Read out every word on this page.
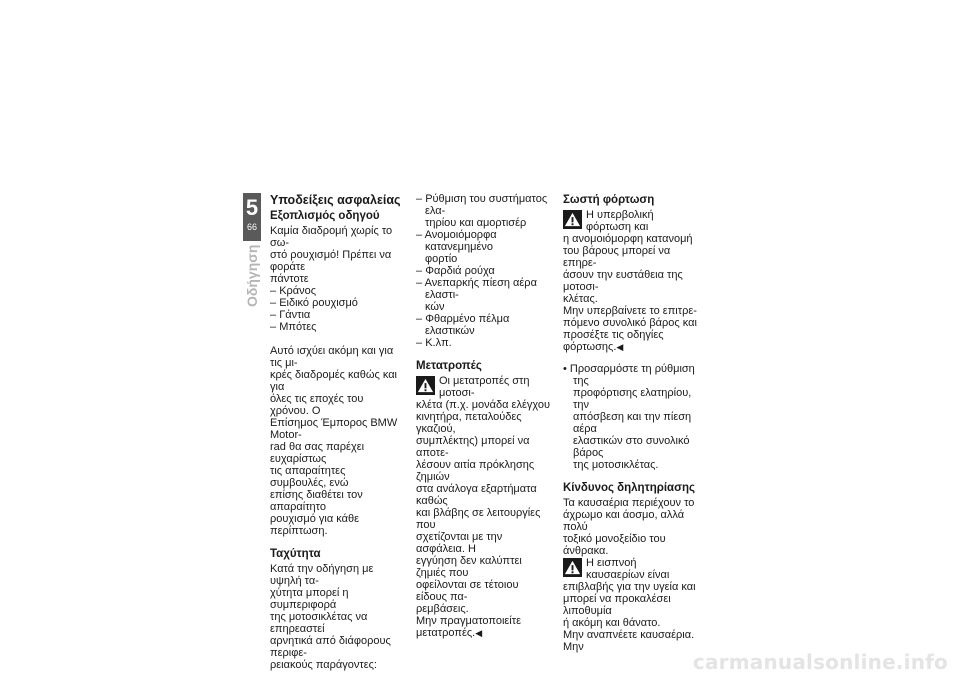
5
66
Οδήγηση
Υποδείξεις ασφαλείας
Εξοπλισμός οδηγού

Καμία διαδρομή χωρίς το σω-

στό ρουχισμό! Πρέπει να φοράτε

πάντοτε

– Κράνος

– Ειδικό ρουχισμό

– Γάντια

– Μπότες

Αυτό ισχύει ακόμη και για τις μι-

κρές διαδρομές καθώς και για

όλες τις εποχές του χρόνου. Ο

Επίσημος Έμπορος BMW Motor-

rad θα σας παρέχει ευχαρίστως

τις απαραίτητες συμβουλές, ενώ

επίσης διαθέτει τον απαραίτητο

ρουχισμό για κάθε περίπτωση.

Ταχύτητα

Κατά την οδήγηση με υψηλή τα-

χύτητα μπορεί η συμπεριφορά

της μοτοσικλέτας να επηρεαστεί

αρνητικά από διάφορους περιφε-

ρειακούς παράγοντες:

– Ρύθμιση του συστήματος ελα-
τηρίου και αμορτισέρ

– Ανομοιόμορφα κατανεμημένο
φορτίο

– Φαρδιά ρούχα

– Ανεπαρκής πίεση αέρα ελαστι-
κών

– Φθαρμένο πέλμα ελαστικών

– Κ.λπ.

Μετατροπές

Οι μετατροπές στη μοτοσι-

κλέτα (π.χ. μονάδα ελέγχου

κινητήρα, πεταλούδες γκαζιού,

συμπλέκτης) μπορεί να αποτε-

λέσουν αιτία πρόκλησης ζημιών

στα ανάλογα εξαρτήματα καθώς

και βλάβης σε λειτουργίες που

σχετίζονται με την ασφάλεια. Η

εγγύηση δεν καλύπτει ζημιές που

οφείλονται σε τέτοιου είδους πα-

ρεμβάσεις.

Μην πραγματοποιείτε

μετατροπές.◀

Σωστή φόρτωση

Η υπερβολική φόρτωση και

η ανομοιόμορφη κατανομή

του βάρους μπορεί να επηρε-

άσουν την ευστάθεια της μοτοσι-

κλέτας.

Μην υπερβαίνετε το επιτρε-

πόμενο συνολικό βάρος και

προσέξτε τις οδηγίες φόρτωσης.◀

• Προσαρμόστε τη ρύθμιση της
προφόρτισης ελατηρίου, την
απόσβεση και την πίεση αέρα
ελαστικών στο συνολικό βάρος
της μοτοσικλέτας.

Κίνδυνος δηλητηρίασης

Τα καυσαέρια περιέχουν το

άχρωμο και άοσμο, αλλά πολύ

τοξικό μονοξείδιο του άνθρακα.

Η εισπνοή καυσαερίων είναι

επιβλαβής για την υγεία και

μπορεί να προκαλέσει λιποθυμία

ή ακόμη και θάνατο.

Μην αναπνέετε καυσαέρια. Μην

carmanualsonline.info
